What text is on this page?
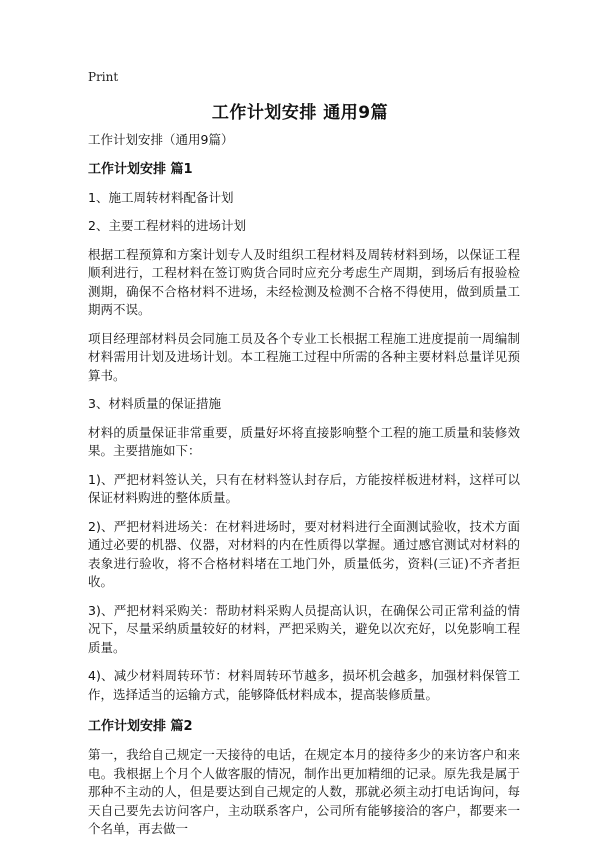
Print
工作计划安排 通用9篇

工作计划安排（通用9篇）

工作计划安排 篇1

1、施工周转材料配备计划

2、主要工程材料的进场计划

根据工程预算和方案计划专人及时组织工程材料及周转材料到场，以保证工程顺利进行，工程材料在签订购货合同时应充分考虑生产周期，到场后有报验检测期，确保不合格材料不进场，未经检测及检测不合格不得使用，做到质量工期两不误。

项目经理部材料员会同施工员及各个专业工长根据工程施工进度提前一周编制材料需用计划及进场计划。本工程施工过程中所需的各种主要材料总量详见预算书。

3、材料质量的保证措施

材料的质量保证非常重要，质量好坏将直接影响整个工程的施工质量和装修效果。主要措施如下：

1)、严把材料签认关，只有在材料签认封存后，方能按样板进材料，这样可以保证材料购进的整体质量。

2)、严把材料进场关：在材料进场时，要对材料进行全面测试验收，技术方面通过必要的机器、仪器，对材料的内在性质得以掌握。通过感官测试对材料的表象进行验收，将不合格材料堵在工地门外，质量低劣，资料(三证)不齐者拒收。

3)、严把材料采购关：帮助材料采购人员提高认识，在确保公司正常利益的情况下，尽量采纳质量较好的材料，严把采购关，避免以次充好，以免影响工程质量。

4)、减少材料周转环节：材料周转环节越多，损坏机会越多，加强材料保管工作，选择适当的运输方式，能够降低材料成本，提高装修质量。

工作计划安排 篇2

第一，我给自己规定一天接待的电话，在规定本月的接待多少的来访客户和来电。我根据上个月个人做客服的情况，制作出更加精细的记录。原先我是属于那种不主动的人，但是要达到自己规定的人数，那就必须主动打电话询问，每天自己要先去访问客户，主动联系客户，公司所有能够接洽的客户，都要来一个名单，再去做一
